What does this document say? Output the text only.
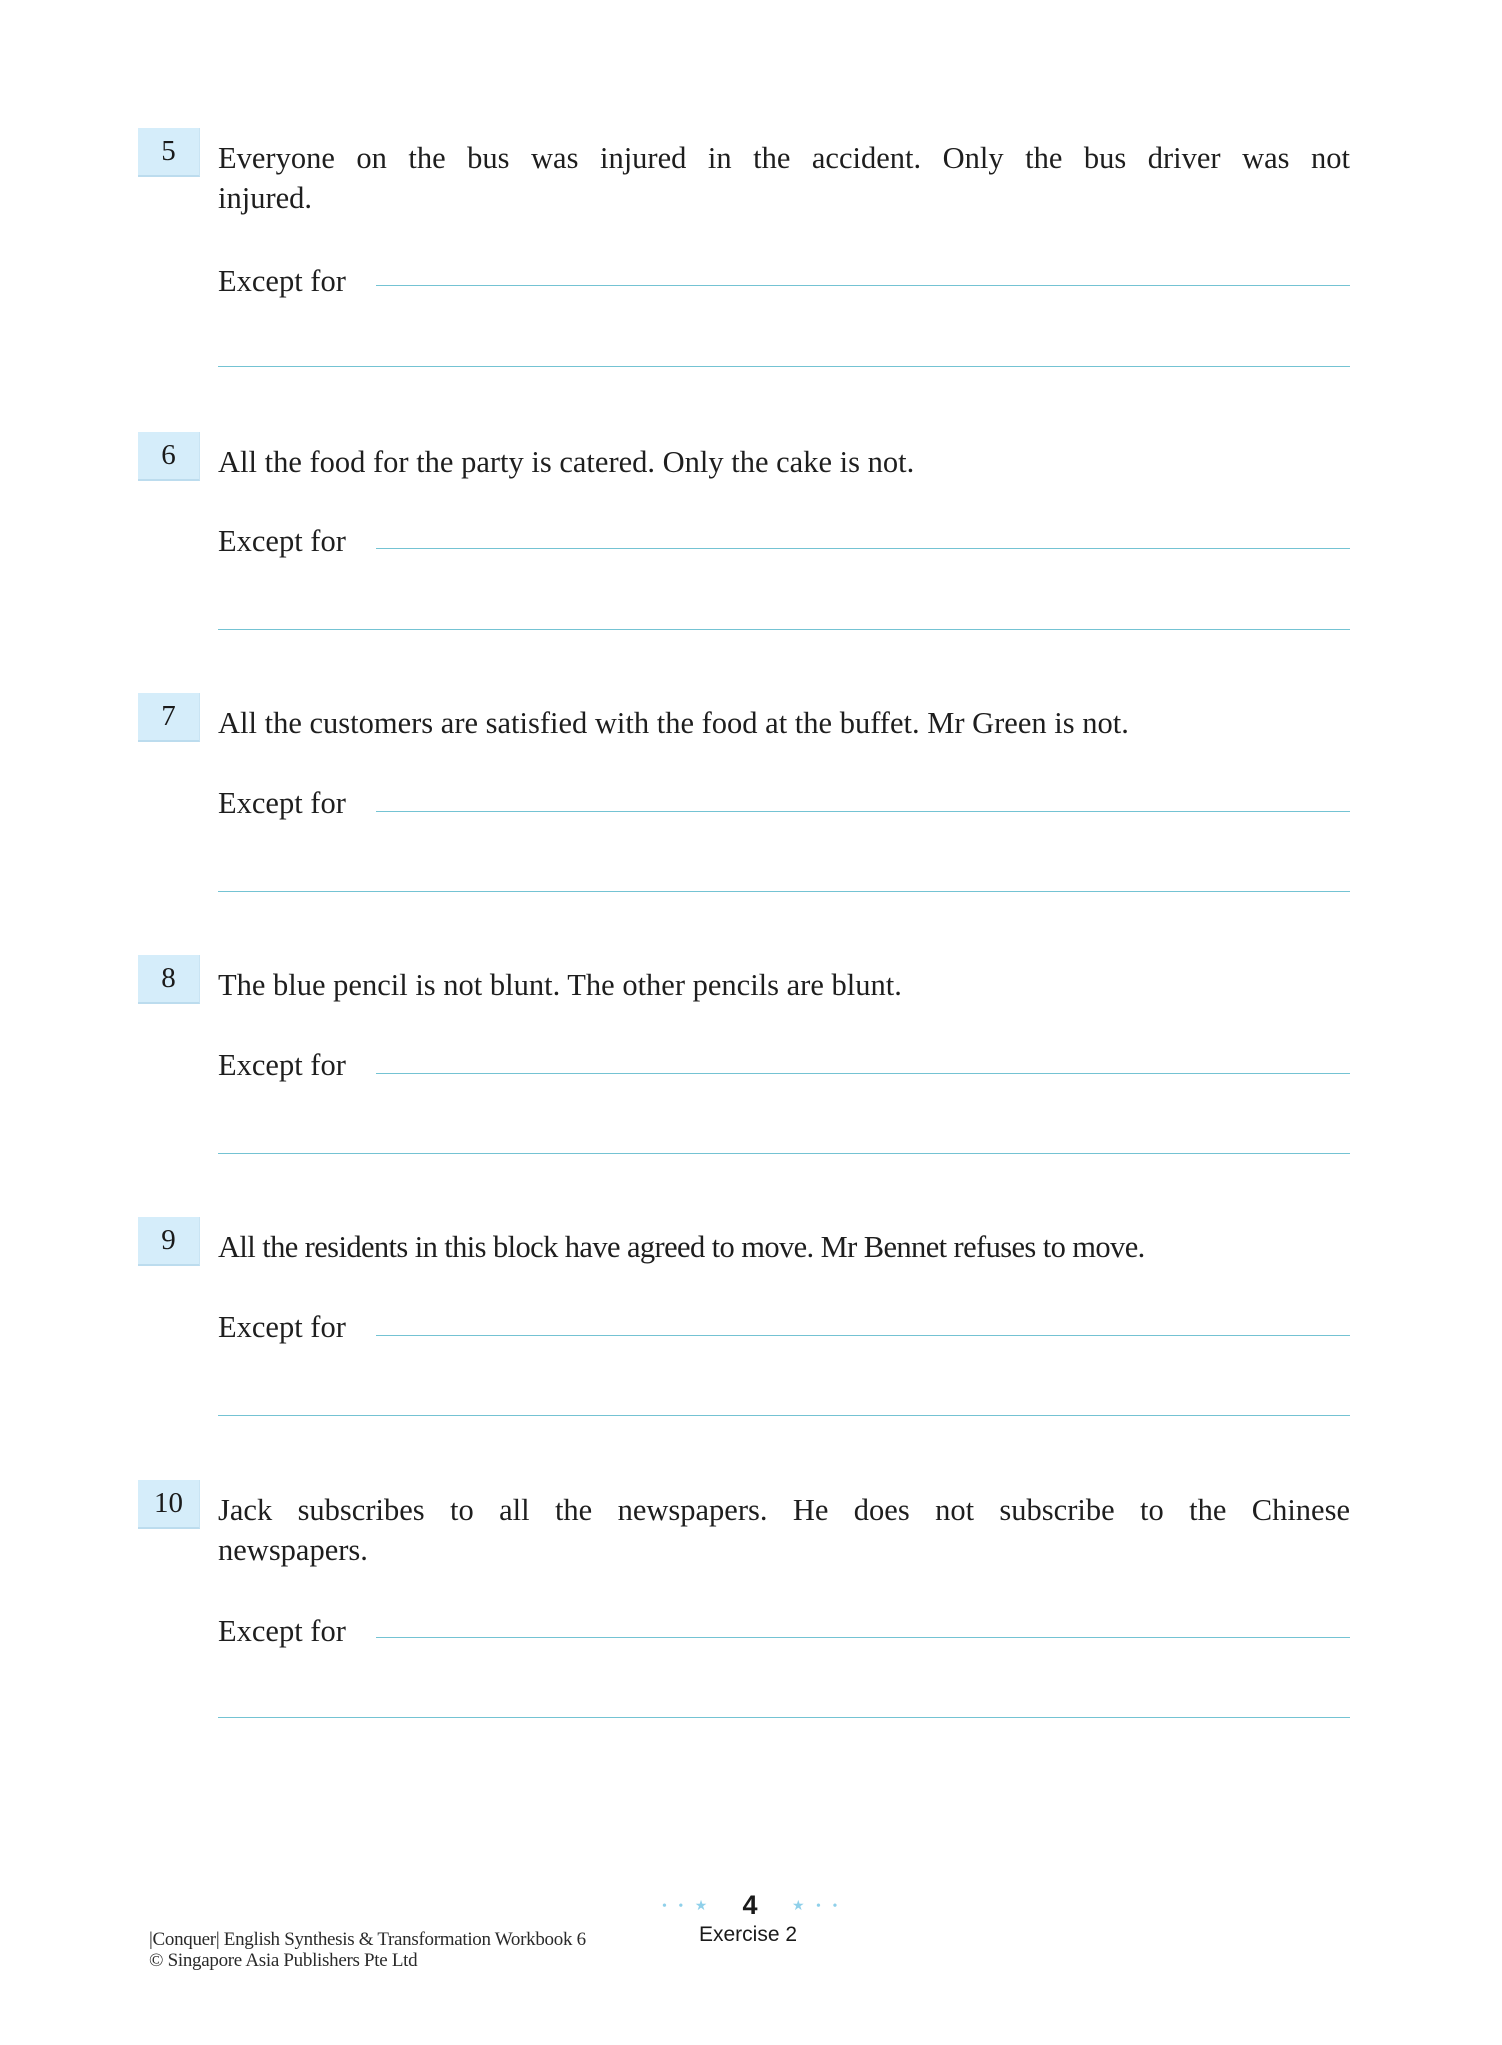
5	Everyone on the bus was injured in the accident. Only the bus driver was not
injured.
Except for
6	All the food for the party is catered. Only the cake is not.
Except for
7	All the customers are satisfied with the food at the buffet. Mr Green is not.
Except for
8	The blue pencil is not blunt. The other pencils are blunt.
Except for
9	All the residents in this block have agreed to move. Mr Bennet refuses to move.
Except for
10	Jack subscribes to all the newspapers. He does not subscribe to the Chinese
newspapers.
Except for
• • ★ 4	★ • •
Exercise 2
|Conquer| English Synthesis & Transformation Workbook 6
© Singapore Asia Publishers Pte Ltd
